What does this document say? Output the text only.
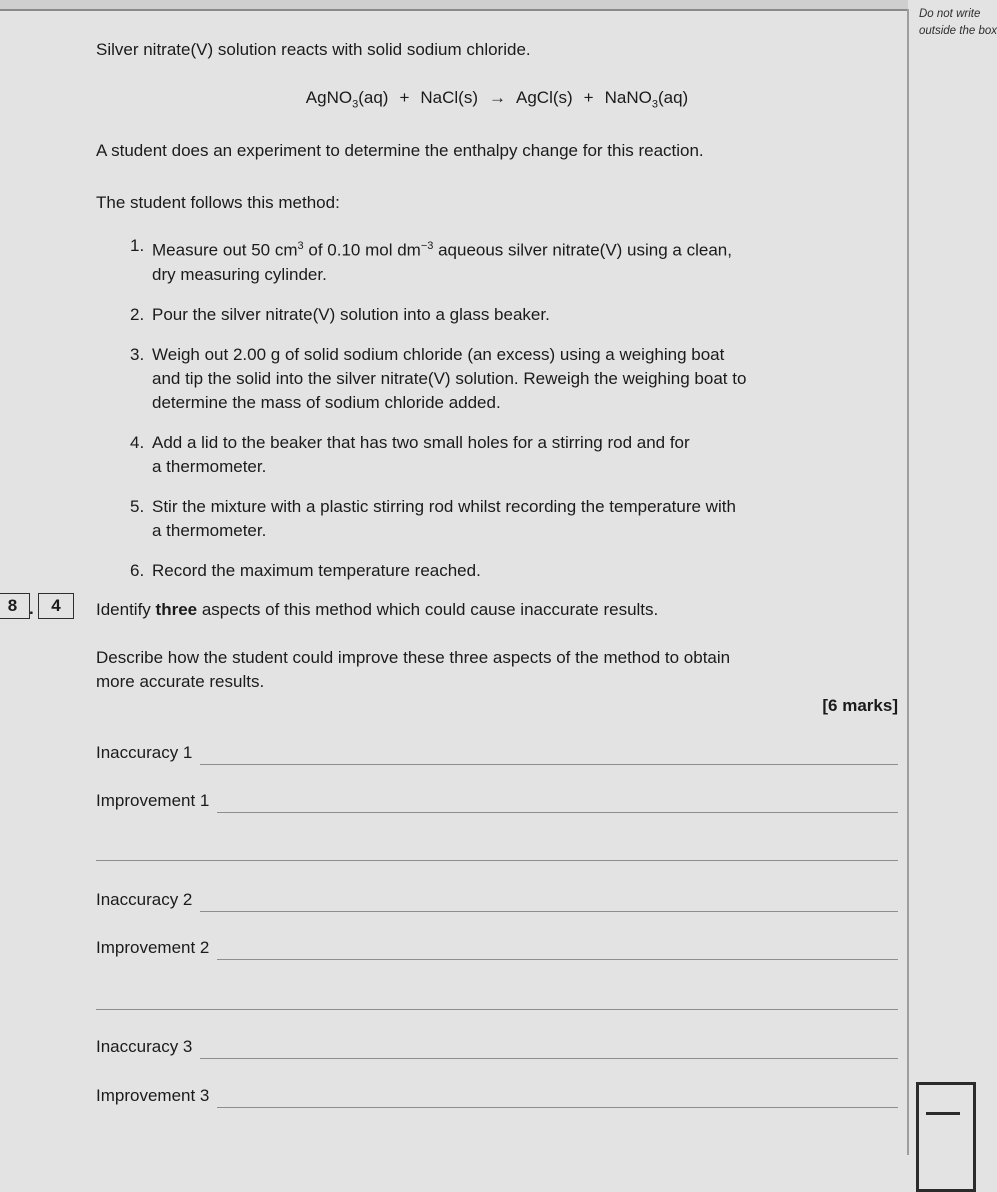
Do not write
outside the box
Silver nitrate(V) solution reacts with solid sodium chloride.
AgNO$_3$(aq) + NaCl(s) → AgCl(s) + NaNO$_3$(aq)
A student does an experiment to determine the enthalpy change for this reaction.
The student follows this method:
1. Measure out 50 $cm^3$ of 0.10 mol $dm^{-3}$ aqueous silver nitrate(V) using a clean,
dry measuring cylinder.
2. Pour the silver nitrate(V) solution into a glass beaker.
3. Weigh out 2.00 g of solid sodium chloride (an excess) using a weighing boat
and tip the solid into the silver nitrate(V) solution. Reweigh the weighing boat to
determine the mass of sodium chloride added.
4. Add a lid to the beaker that has two small holes for a stirring rod and for
a thermometer.
5. Stir the mixture with a plastic stirring rod whilst recording the temperature with
a thermometer.
6. Record the maximum temperature reached.
8 .	4	Identify three aspects of this method which could cause inaccurate results.
Describe how the student could improve these three aspects of the method to obtain
more accurate results.
[6 marks]
Inaccuracy 1
Improvement 1
Inaccuracy 2
Improvement 2
Inaccuracy 3
Improvement 3
